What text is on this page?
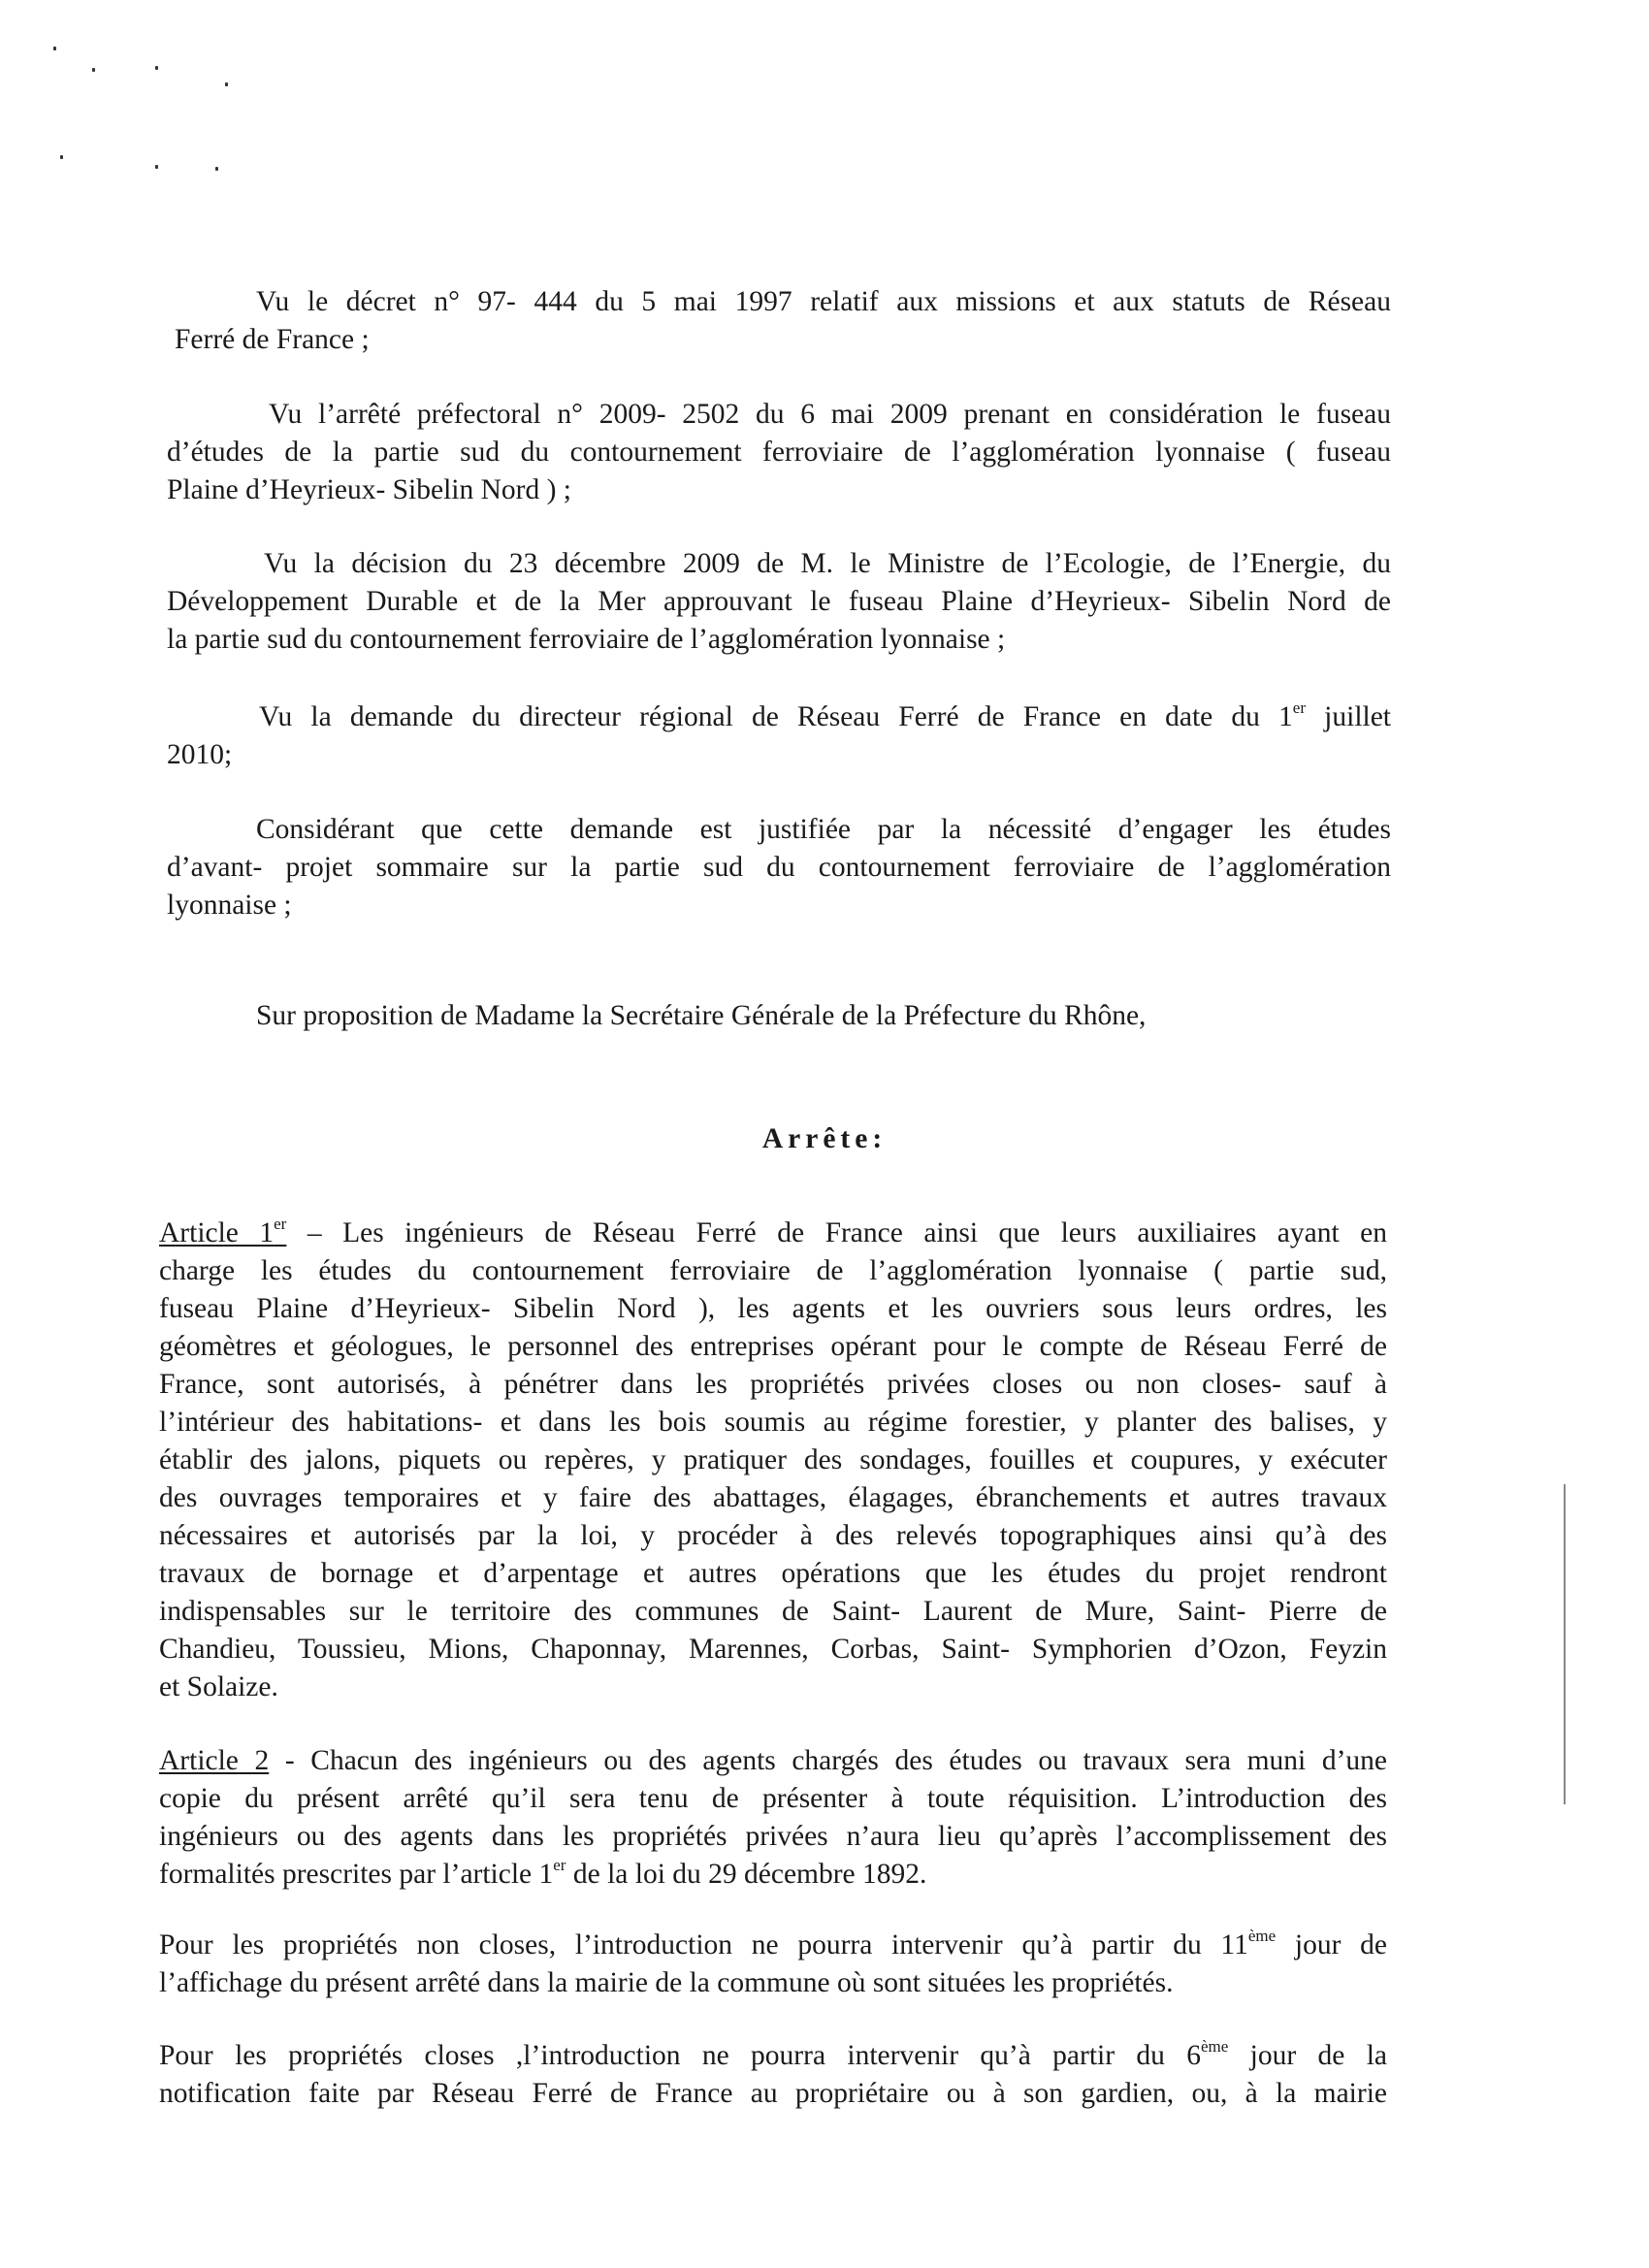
Vu le décret n° 97- 444 du 5 mai 1997 relatif aux missions et aux statuts de Réseau
Ferré de France ;
Vu l’arrêté préfectoral n° 2009- 2502 du 6 mai 2009 prenant en considération le fuseau
d’études de la partie sud du contournement ferroviaire de l’agglomération lyonnaise ( fuseau
Plaine d’Heyrieux- Sibelin Nord ) ;
Vu la décision du 23 décembre 2009 de M. le Ministre de l’Ecologie, de l’Energie, du
Développement Durable et de la Mer approuvant le fuseau Plaine d’Heyrieux- Sibelin Nord de
la partie sud du contournement ferroviaire de l’agglomération lyonnaise ;
Vu la demande du directeur régional de Réseau Ferré de France en date du 1er juillet
2010;
Considérant que cette demande est justifiée par la nécessité d’engager les études
d’avant- projet sommaire sur la partie sud du contournement ferroviaire de l’agglomération
lyonnaise ;
Sur proposition de Madame la Secrétaire Générale de la Préfecture du Rhône,
Arrête:
Article 1er – Les ingénieurs de Réseau Ferré de France ainsi que leurs auxiliaires ayant en
charge les études du contournement ferroviaire de l’agglomération lyonnaise ( partie sud,
fuseau Plaine d’Heyrieux- Sibelin Nord ), les agents et les ouvriers sous leurs ordres, les
géomètres et géologues, le personnel des entreprises opérant pour le compte de Réseau Ferré de
France, sont autorisés, à pénétrer dans les propriétés privées closes ou non closes- sauf à
l’intérieur des habitations- et dans les bois soumis au régime forestier, y planter des balises, y
établir des jalons, piquets ou repères, y pratiquer des sondages, fouilles et coupures, y exécuter
des ouvrages temporaires et y faire des abattages, élagages, ébranchements et autres travaux
nécessaires et autorisés par la loi, y procéder à des relevés topographiques ainsi qu’à des
travaux de bornage et d’arpentage et autres opérations que les études du projet rendront
indispensables sur le territoire des communes de Saint- Laurent de Mure, Saint- Pierre de
Chandieu, Toussieu, Mions, Chaponnay, Marennes, Corbas, Saint- Symphorien d’Ozon, Feyzin
et Solaize.
Article 2 - Chacun des ingénieurs ou des agents chargés des études ou travaux sera muni d’une
copie du présent arrêté qu’il sera tenu de présenter à toute réquisition. L’introduction des
ingénieurs ou des agents dans les propriétés privées n’aura lieu qu’après l’accomplissement des
formalités prescrites par l’article 1er de la loi du 29 décembre 1892.
Pour les propriétés non closes, l’introduction ne pourra intervenir qu’à partir du 11ème jour de
l’affichage du présent arrêté dans la mairie de la commune où sont situées les propriétés.
Pour les propriétés closes ,l’introduction ne pourra intervenir qu’à partir du 6ème jour de la
notification faite par Réseau Ferré de France au propriétaire ou à son gardien, ou, à la mairie
